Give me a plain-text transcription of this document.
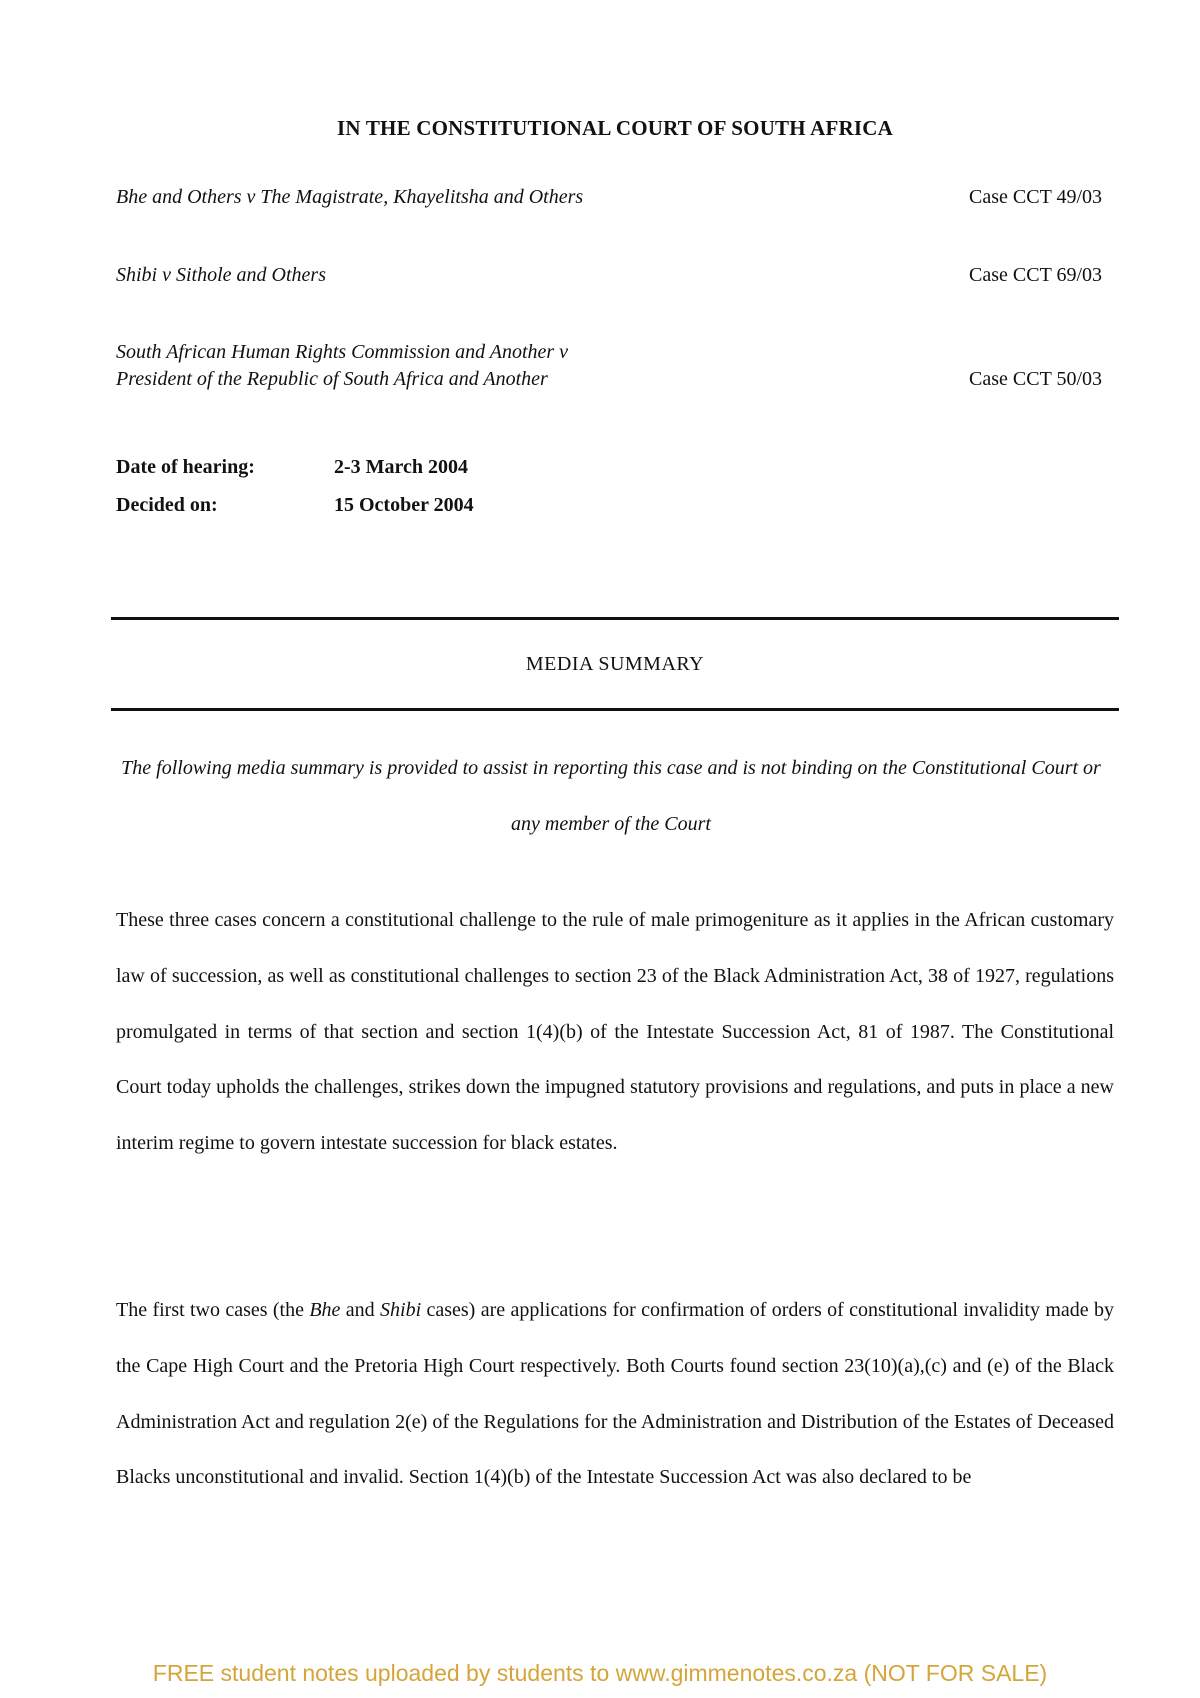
IN THE CONSTITUTIONAL COURT OF SOUTH AFRICA
Bhe and Others v The Magistrate, Khayelitsha and Others	Case CCT 49/03
Shibi v Sithole and Others	Case CCT 69/03
South African Human Rights Commission and Another v
President of the Republic of South Africa and Another	Case CCT 50/03
Date of hearing:	2-3 March 2004
Decided on:	15 October 2004
MEDIA SUMMARY
The following media summary is provided to assist in reporting this case and is not binding on the Constitutional Court or any member of the Court

These three cases concern a constitutional challenge to the rule of male primogeniture as it applies in the African customary law of succession, as well as constitutional challenges to section 23 of the Black Administration Act, 38 of 1927, regulations promulgated in terms of that section and section 1(4)(b) of the Intestate Succession Act, 81 of 1987. The Constitutional Court today upholds the challenges, strikes down the impugned statutory provisions and regulations, and puts in place a new interim regime to govern intestate succession for black estates.

The first two cases (the Bhe and Shibi cases) are applications for confirmation of orders of constitutional invalidity made by the Cape High Court and the Pretoria High Court respectively. Both Courts found section 23(10)(a),(c) and (e) of the Black Administration Act and regulation 2(e) of the Regulations for the Administration and Distribution of the Estates of Deceased Blacks unconstitutional and invalid. Section 1(4)(b) of the Intestate Succession Act was also declared to be

FREE student notes uploaded by students to www.gimmenotes.co.za (NOT FOR SALE)
